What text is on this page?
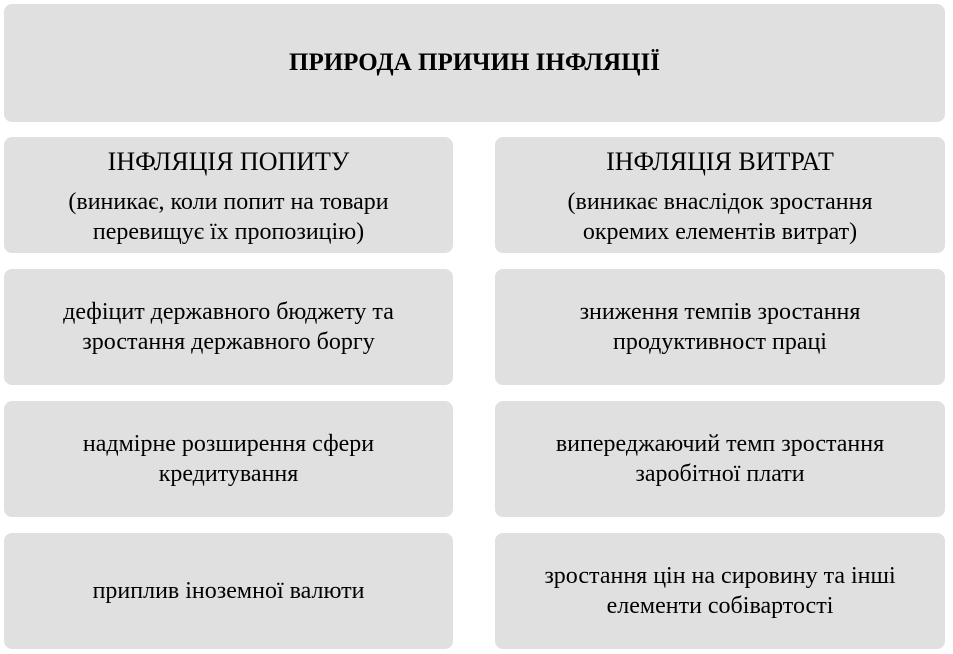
ПРИРОДА ПРИЧИН ІНФЛЯЦІЇ
ІНФЛЯЦІЯ ПОПИТУ
(виникає, коли попит на товари перевищує їх пропозицію)
дефіцит державного бюджету та зростання державного боргу
надмірне розширення сфери кредитування
приплив іноземної валюти
ІНФЛЯЦІЯ ВИТРАТ
(виникає внаслідок зростання окремих елементів витрат)
зниження темпів зростання продуктивност праці
випереджаючий темп зростання заробітної плати
зростання цін на сировину та інші елементи собівартості
